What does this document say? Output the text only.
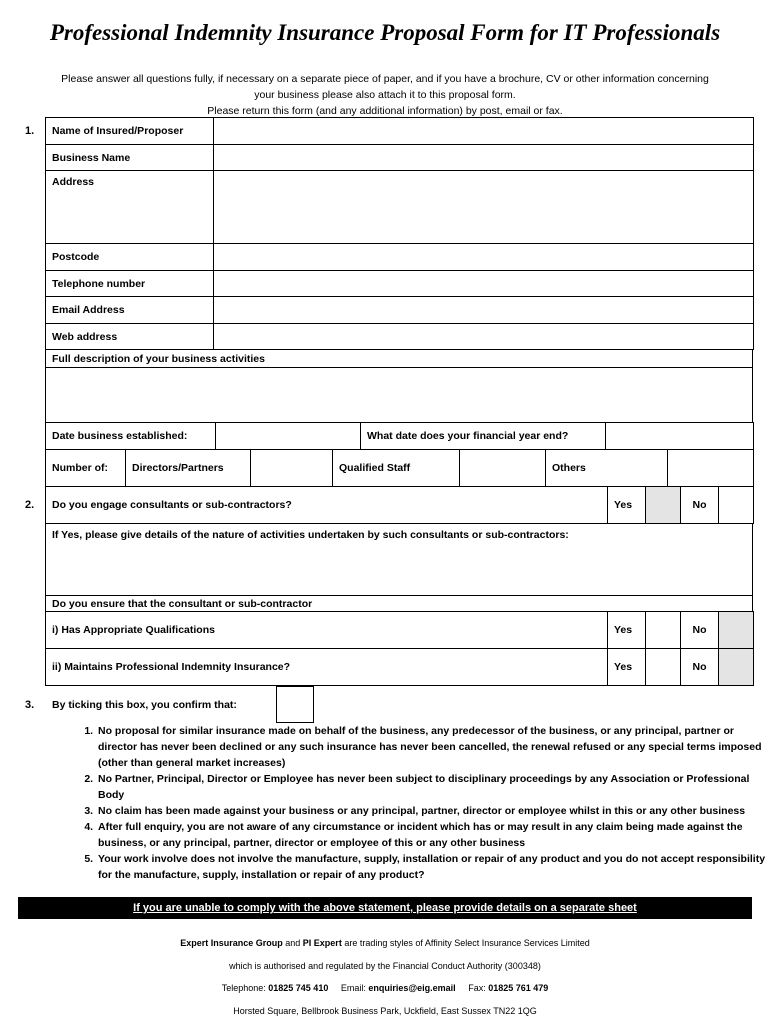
Professional Indemnity Insurance Proposal Form for IT Professionals
Please answer all questions fully, if necessary on a separate piece of paper, and if you have a brochure, CV or other information concerning
your business please also attach it to this proposal form.
Please return this form (and any additional information) by post, email or fax.
1. Name of Insured/Proposer	
Business Name	
Address	
Postcode	
Telephone number	
Email Address	
Web address	
Full description of your business activities

Date business established:		What date does your financial year end?	
Number of:	Directors/Partners		Qualified Staff		Others	
2. Do you engage consultants or sub-contractors?	Yes		No	
If Yes, please give details of the nature of activities undertaken by such consultants or sub-contractors:
Do you ensure that the consultant or sub-contractor
i) Has Appropriate Qualifications	Yes		No	
ii) Maintains Professional Indemnity Insurance?	Yes		No	
3. By ticking this box, you confirm that:
1. No proposal for similar insurance made on behalf of the business, any predecessor of the business, or any principal, partner or director has never been declined or any such insurance has never been cancelled, the renewal refused or any special terms imposed (other than general market increases)
2. No Partner, Principal, Director or Employee has never been subject to disciplinary proceedings by any Association or Professional Body
3. No claim has been made against your business or any principal, partner, director or employee whilst in this or any other business
4. After full enquiry, you are not aware of any circumstance or incident which has or may result in any claim being made against the business, or any principal, partner, director or employee of this or any other business
5. Your work involve does not involve the manufacture, supply, installation or repair of any product and you do not accept responsibility for the manufacture, supply, installation or repair of any product?
If you are unable to comply with the above statement, please provide details on a separate sheet
Expert Insurance Group and PI Expert are trading styles of Affinity Select Insurance Services Limited
which is authorised and regulated by the Financial Conduct Authority (300348)
Telephone: 01825 745 410 Email: enquiries@eig.email Fax: 01825 761 479
Horsted Square, Bellbrook Business Park, Uckfield, East Sussex TN22 1QG
